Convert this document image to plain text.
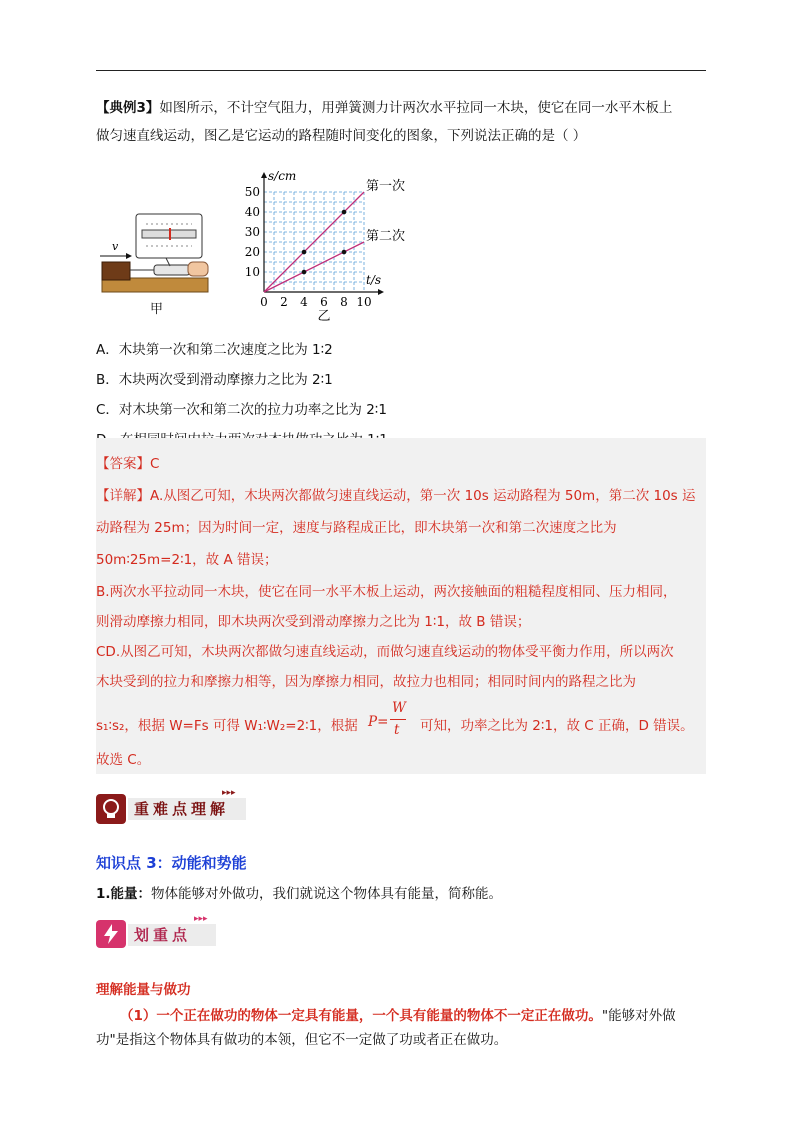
【典例3】如图所示，不计空气阻力，用弹簧测力计两次水平拉同一木块，使它在同一水平木板上
做匀速直线运动，图乙是它运动的路程随时间变化的图象，下列说法正确的是（ ）
v
甲	0 2 4 6 8 10
10
20
30
40
50
s/cm
t/s
第一次
第二次
乙
A．木块第一次和第二次速度之比为 1∶2
B．木块两次受到滑动摩擦力之比为 2∶1
C．对木块第一次和第二次的拉力功率之比为 2∶1
【答案】C
【详解】A.从图乙可知，木块两次都做匀速直线运动，第一次 10s 运动路程为 50m，第二次 10s 运
动路程为 25m；因为时间一定，速度与路程成正比，即木块第一次和第二次速度之比为
50m∶25m=2∶1，故 A 错误；
B.两次水平拉动同一木块，使它在同一水平木板上运动，两次接触面的粗糙程度相同、压力相同，
则滑动摩擦力相同，即木块两次受到滑动摩擦力之比为 1∶1，故 B 错误；
CD.从图乙可知，木块两次都做匀速直线运动，而做匀速直线运动的物体受平衡力作用，所以两次
木块受到的拉力和摩擦力相等，因为摩擦力相同，故拉力也相同；相同时间内的路程之比为
s₁∶s₂，根据 W=Fs 可得 W₁∶W₂=2∶1，根据 P=
W
t 可知，功率之比为 2∶1，故 C 正确，D 错误。
故选 C。
重难点理解
▸▸▸
知识点 3：动能和势能
1.能量：物体能够对外做功，我们就说这个物体具有能量，简称能。
划重点
▸▸▸
理解能量与做功
（1）一个正在做功的物体一定具有能量，一个具有能量的物体不一定正在做功。"能够对外做
功"是指这个物体具有做功的本领，但它不一定做了功或者正在做功。
